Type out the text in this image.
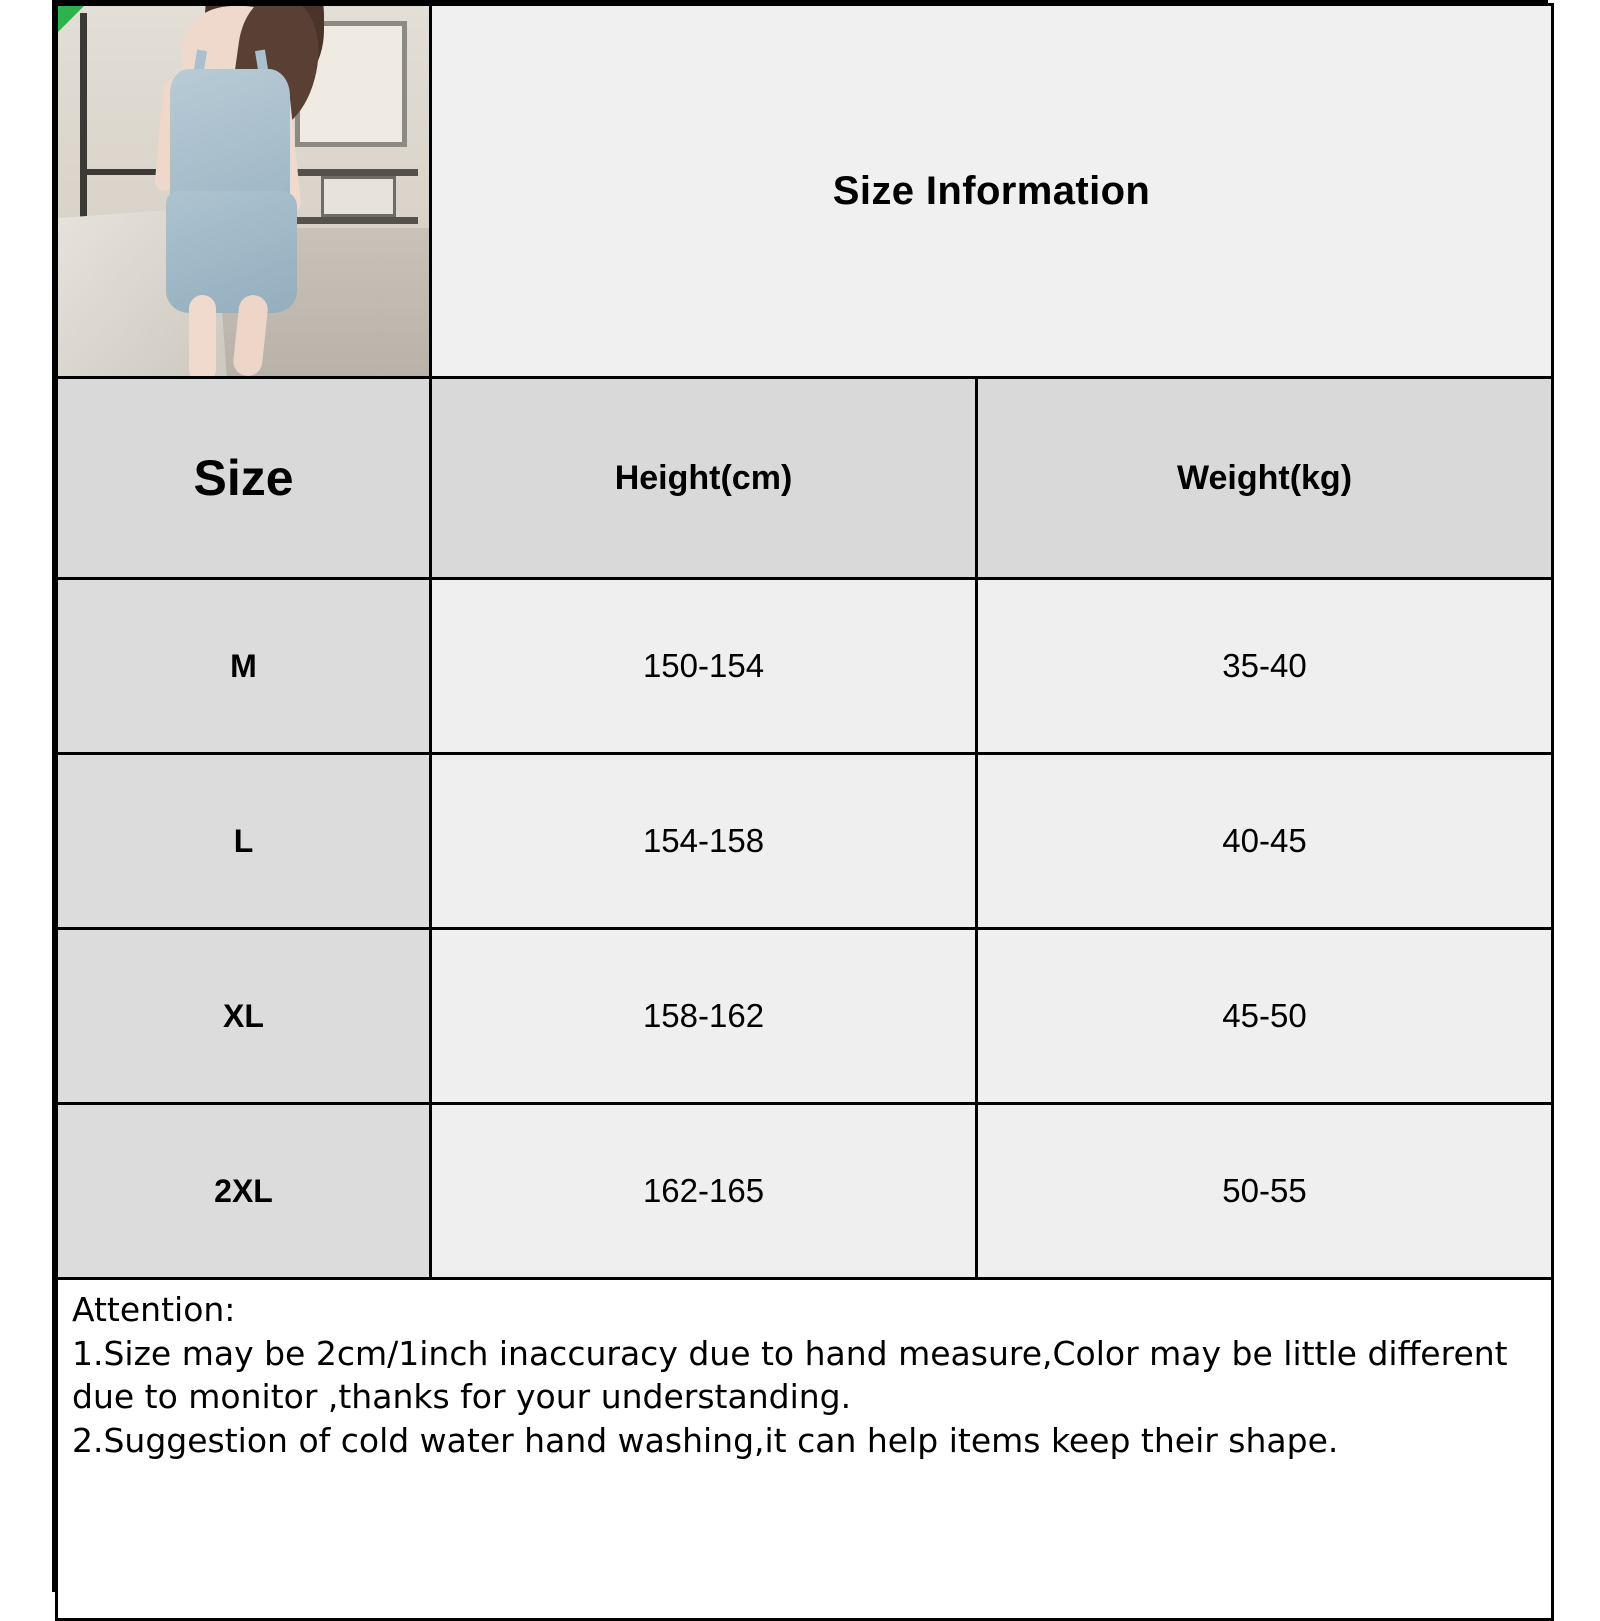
	Size Information	
Size	Height(cm)	Weight(kg)
M	150-154	35-40
L	154-158	40-45
XL	158-162	45-50
2XL	162-165	50-55

Attention:
1.Size may be 2cm/1inch inaccuracy due to hand measure,Color may be little different due to monitor ,thanks for your understanding.
2.Suggestion of cold water hand washing,it can help items keep their shape.		
